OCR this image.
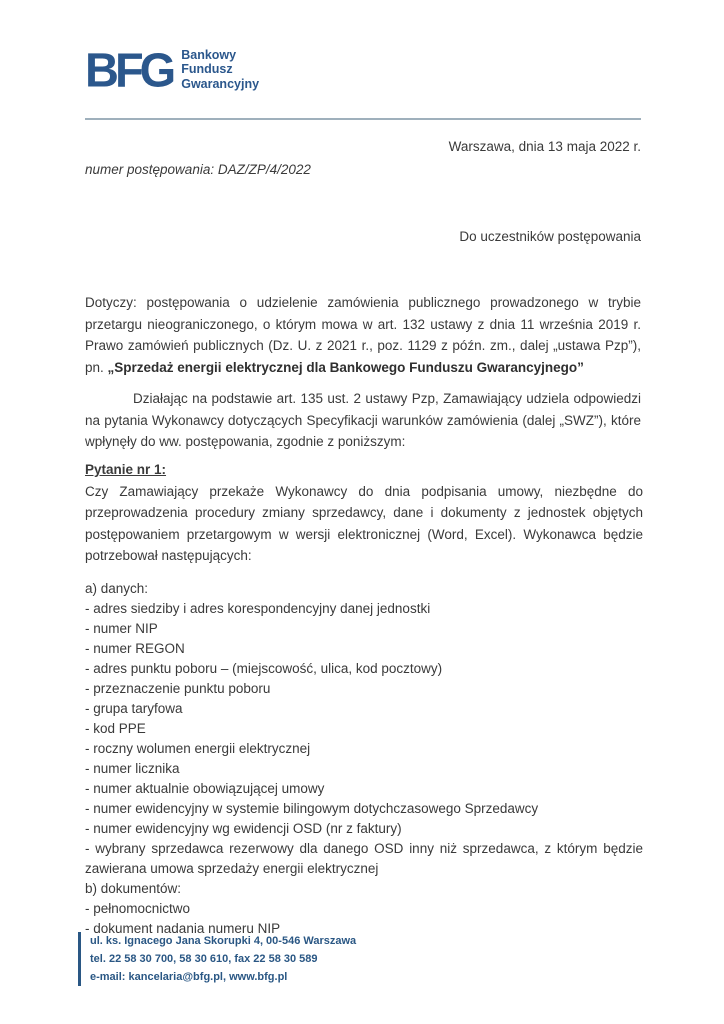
BFG Bankowy
Fundusz
Gwarancyjny
Warszawa, dnia 13 maja 2022 r.
numer postępowania: DAZ/ZP/4/2022
Do uczestników postępowania
Dotyczy: postępowania o udzielenie zamówienia publicznego prowadzonego w trybie przetargu nieograniczonego, o którym mowa w art. 132 ustawy z dnia 11 września 2019 r. Prawo zamówień publicznych (Dz. U. z 2021 r., poz. 1129 z późn. zm., dalej „ustawa Pzp”), pn. „Sprzedaż energii elektrycznej dla Bankowego Funduszu Gwarancyjnego”
Działając na podstawie art. 135 ust. 2 ustawy Pzp, Zamawiający udziela odpowiedzi na pytania Wykonawcy dotyczących Specyfikacji warunków zamówienia (dalej „SWZ”), które wpłynęły do ww. postępowania, zgodnie z poniższym:
Pytanie nr 1:
Czy Zamawiający przekaże Wykonawcy do dnia podpisania umowy, niezbędne do przeprowadzenia procedury zmiany sprzedawcy, dane i dokumenty z jednostek objętych postępowaniem przetargowym w wersji elektronicznej (Word, Excel). Wykonawca będzie potrzebował następujących:
a) danych:
- adres siedziby i adres korespondencyjny danej jednostki
- numer NIP
- numer REGON
- adres punktu poboru – (miejscowość, ulica, kod pocztowy)
- przeznaczenie punktu poboru
- grupa taryfowa
- kod PPE
- roczny wolumen energii elektrycznej
- numer licznika
- numer aktualnie obowiązującej umowy
- numer ewidencyjny w systemie bilingowym dotychczasowego Sprzedawcy
- numer ewidencyjny wg ewidencji OSD (nr z faktury)
- wybrany sprzedawca rezerwowy dla danego OSD inny niż sprzedawca, z którym będzie zawierana umowa sprzedaży energii elektrycznej
b) dokumentów:
- pełnomocnictwo
- dokument nadania numeru NIP
ul. ks. Ignacego Jana Skorupki 4, 00-546 Warszawa
tel. 22 58 30 700, 58 30 610, fax 22 58 30 589
e-mail: kancelaria@bfg.pl, www.bfg.pl
